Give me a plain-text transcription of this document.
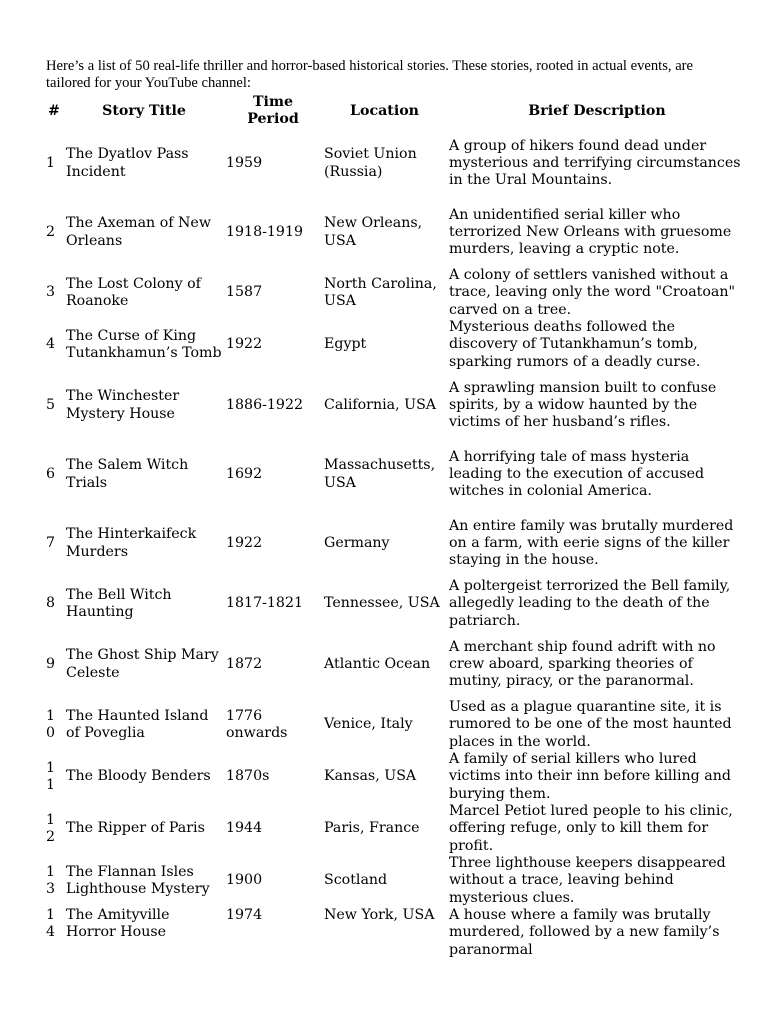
Here’s a list of 50 real-life thriller and horror-based historical stories. These stories, rooted in actual events, are tailored for your YouTube channel:

#	Story Title	Time Period	Location	Brief Description
1	The Dyatlov Pass Incident	1959	Soviet Union (Russia)	A group of hikers found dead under mysterious and terrifying circumstances in the Ural Mountains.
2	The Axeman of New Orleans	1918-1919	New Orleans, USA	An unidentified serial killer who terrorized New Orleans with gruesome murders, leaving a cryptic note.
3	The Lost Colony of Roanoke	1587	North Carolina, USA	A colony of settlers vanished without a trace, leaving only the word "Croatoan" carved on a tree.
4	The Curse of King Tutankhamun’s Tomb	1922	Egypt	Mysterious deaths followed the discovery of Tutankhamun’s tomb, sparking rumors of a deadly curse.
5	The Winchester Mystery House	1886-1922	California, USA	A sprawling mansion built to confuse spirits, by a widow haunted by the victims of her husband’s rifles.
6	The Salem Witch Trials	1692	Massachusetts, USA	A horrifying tale of mass hysteria leading to the execution of accused witches in colonial America.
7	The Hinterkaifeck Murders	1922	Germany	An entire family was brutally murdered on a farm, with eerie signs of the killer staying in the house.
8	The Bell Witch Haunting	1817-1821	Tennessee, USA	A poltergeist terrorized the Bell family, allegedly leading to the death of the patriarch.
9	The Ghost Ship Mary Celeste	1872	Atlantic Ocean	A merchant ship found adrift with no crew aboard, sparking theories of mutiny, piracy, or the paranormal.
10	The Haunted Island of Poveglia	1776 onwards	Venice, Italy	Used as a plague quarantine site, it is rumored to be one of the most haunted places in the world.
11	The Bloody Benders	1870s	Kansas, USA	A family of serial killers who lured victims into their inn before killing and burying them.
12	The Ripper of Paris	1944	Paris, France	Marcel Petiot lured people to his clinic, offering refuge, only to kill them for profit.
13	The Flannan Isles Lighthouse Mystery	1900	Scotland	Three lighthouse keepers disappeared without a trace, leaving behind mysterious clues.
14	The Amityville Horror House	1974	New York, USA	A house where a family was brutally murdered, followed by a new family’s paranormal
